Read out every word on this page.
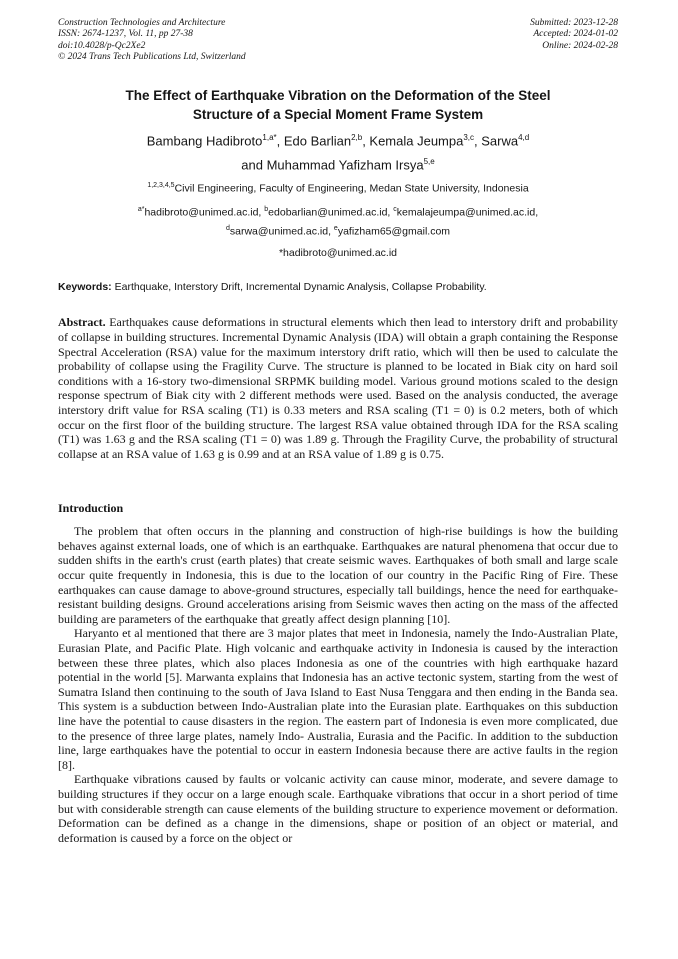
Construction Technologies and Architecture
ISSN: 2674-1237, Vol. 11, pp 27-38
doi:10.4028/p-Qc2Xe2
© 2024 Trans Tech Publications Ltd, Switzerland
Submitted: 2023-12-28
Accepted: 2024-01-02
Online: 2024-02-28
The Effect of Earthquake Vibration on the Deformation of the Steel
Structure of a Special Moment Frame System
Bambang Hadibroto$^{1,a*}$, Edo Barlian$^{2,b}$, Kemala Jeumpa$^{3,c}$, Sarwa$^{4,d}$
and Muhammad Yafizham Irsya$^{5,e}$
$^{1,2,3,4,5}$Civil Engineering, Faculty of Engineering, Medan State University, Indonesia
$^{a*}$hadibroto@unimed.ac.id, $^b$edobarlian@unimed.ac.id, $^c$kemalajeumpa@unimed.ac.id,
$^d$sarwa@unimed.ac.id, $^e$yafizham65@gmail.com
*hadibroto@unimed.ac.id
Keywords: Earthquake, Interstory Drift, Incremental Dynamic Analysis, Collapse Probability.
Abstract. Earthquakes cause deformations in structural elements which then lead to interstory drift and probability of collapse in building structures. Incremental Dynamic Analysis (IDA) will obtain a graph containing the Response Spectral Acceleration (RSA) value for the maximum interstory drift ratio, which will then be used to calculate the probability of collapse using the Fragility Curve. The structure is planned to be located in Biak city on hard soil conditions with a 16-story two-dimensional SRPMK building model. Various ground motions scaled to the design response spectrum of Biak city with 2 different methods were used. Based on the analysis conducted, the average interstory drift value for RSA scaling (T1) is 0.33 meters and RSA scaling (T1 = 0) is 0.2 meters, both of which occur on the first floor of the building structure. The largest RSA value obtained through IDA for the RSA scaling (T1) was 1.63 g and the RSA scaling (T1 = 0) was 1.89 g. Through the Fragility Curve, the probability of structural collapse at an RSA value of 1.63 g is 0.99 and at an RSA value of 1.89 g is 0.75.
Introduction

The problem that often occurs in the planning and construction of high-rise buildings is how the building behaves against external loads, one of which is an earthquake. Earthquakes are natural phenomena that occur due to sudden shifts in the earth's crust (earth plates) that create seismic waves. Earthquakes of both small and large scale occur quite frequently in Indonesia, this is due to the location of our country in the Pacific Ring of Fire. These earthquakes can cause damage to above-ground structures, especially tall buildings, hence the need for earthquake-resistant building designs. Ground accelerations arising from Seismic waves then acting on the mass of the affected building are parameters of the earthquake that greatly affect design planning [10].

Haryanto et al mentioned that there are 3 major plates that meet in Indonesia, namely the Indo-Australian Plate, Eurasian Plate, and Pacific Plate. High volcanic and earthquake activity in Indonesia is caused by the interaction between these three plates, which also places Indonesia as one of the countries with high earthquake hazard potential in the world [5]. Marwanta explains that Indonesia has an active tectonic system, starting from the west of Sumatra Island then continuing to the south of Java Island to East Nusa Tenggara and then ending in the Banda sea. This system is a subduction between Indo-Australian plate into the Eurasian plate. Earthquakes on this subduction line have the potential to cause disasters in the region. The eastern part of Indonesia is even more complicated, due to the presence of three large plates, namely Indo- Australia, Eurasia and the Pacific. In addition to the subduction line, large earthquakes have the potential to occur in eastern Indonesia because there are active faults in the region [8].

Earthquake vibrations caused by faults or volcanic activity can cause minor, moderate, and severe damage to building structures if they occur on a large enough scale. Earthquake vibrations that occur in a short period of time but with considerable strength can cause elements of the building structure to experience movement or deformation. Deformation can be defined as a change in the dimensions, shape or position of an object or material, and deformation is caused by a force on the object or
